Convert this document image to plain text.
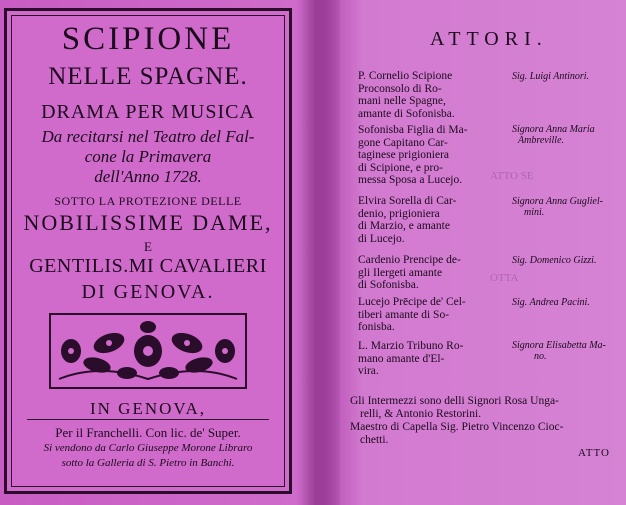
SCIPIONE
NELLE SPAGNE.
DRAMA PER MUSICA
Da recitarsi nel Teatro del Fal-
cone la Primavera
dell'Anno 1728.
SOTTO LA PROTEZIONE DELLE
NOBILISSIME DAME,
E
GENTILIS.MI CAVALIERI
DI GENOVA.
IN GENOVA,
Per il Franchelli. Con lic. de' Super.
Si vendono da Carlo Giuseppe Morone Libraro
sotto la Galleria di S. Pietro in Banchi.
ATTO SE
OTTA
ATTORI.
P. Cornelio Scipione
Proconsolo di Ro-
mani nelle Spagne,
amante di Sofonisba.
Sig. Luigi Antinori.
Sofonisba Figlia di Ma-
gone Capitano Car-
taginese prigioniera
di Scipione, e pro-
messa Sposa a Lucejo.
Signora Anna Maria
Ambreville.
Elvira Sorella di Car-
denio, prigioniera
di Marzio, e amante
di Lucejo.
Signora Anna Gugliel-
mini.
Cardenio Prencipe de-
gli Ilergeti amante
di Sofonisba.
Sig. Domenico Gizzi.
Lucejo Prēcipe de' Cel-
tiberi amante di So-
fonisba.
Sig. Andrea Pacini.
L. Marzio Tribuno Ro-
mano amante d'El-
vira.
Signora Elisabetta Ma-
no.
Gli Intermezzi sono delli Signori Rosa Unga-
relli, & Antonio Restorini.
Maestro di Capella Sig. Pietro Vincenzo Cioc-
chetti.
ATTO
